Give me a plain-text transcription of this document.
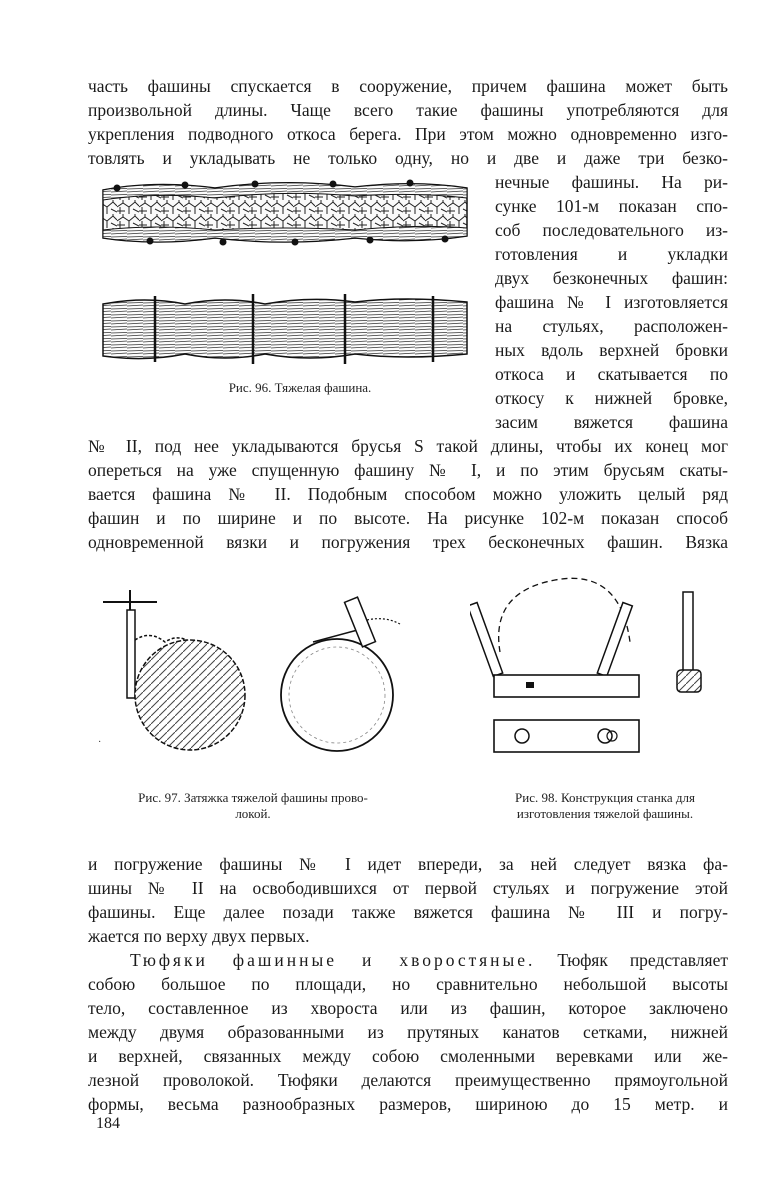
часть фашины спускается в сооружение, причем фашина может быть
произвольной длины. Чаще всего такие фашины употребляются для
укрепления подводного откоса берега. При этом можно одновременно изго-
товлять и укладывать не только одну, но и две и даже три безко-
нечные фашины. На ри-
сунке 101-м показан спо-
соб последовательного из-
готовления и укладки
двух безконечных фашин:
фашина № I изготовляется
на стульях, расположен-
ных вдоль верхней бровки
откоса и скатывается по
откосу к нижней бровке,
засим вяжется фашина
Рис. 96. Тяжелая фашина.
№ II, под нее укладываются брусья S такой длины, чтобы их конец мог
опереться на уже спущенную фашину № I, и по этим брусьям скаты-
вается фашина № II. Подобным способом можно уложить целый ряд
фашин и по ширине и по высоте. На рисунке 102-м показан способ
одновременной вязки и погружения трех бесконечных фашин. Вязка
·
Рис. 97. Затяжка тяжелой фашины прово-
локой.
Рис. 98. Конструкция станка для
изготовления тяжелой фашины.
и погружение фашины № I идет впереди, за ней следует вязка фа-
шины № II на освободившихся от первой стульях и погружение этой
фашины. Еще далее позади также вяжется фашина № III и погру-
жается по верху двух первых.
Тюфяки фашинные и хворостяные. Тюфяк представляет
собою большое по площади, но сравнительно небольшой высоты
тело, составленное из хвороста или из фашин, которое заключено
между двумя образованными из прутяных канатов сетками, нижней
и верхней, связанных между собою смоленными веревками или же-
лезной проволокой. Тюфяки делаются преимущественно прямоугольной
формы, весьма разнообразных размеров, шириною до 15 метр. и
184
